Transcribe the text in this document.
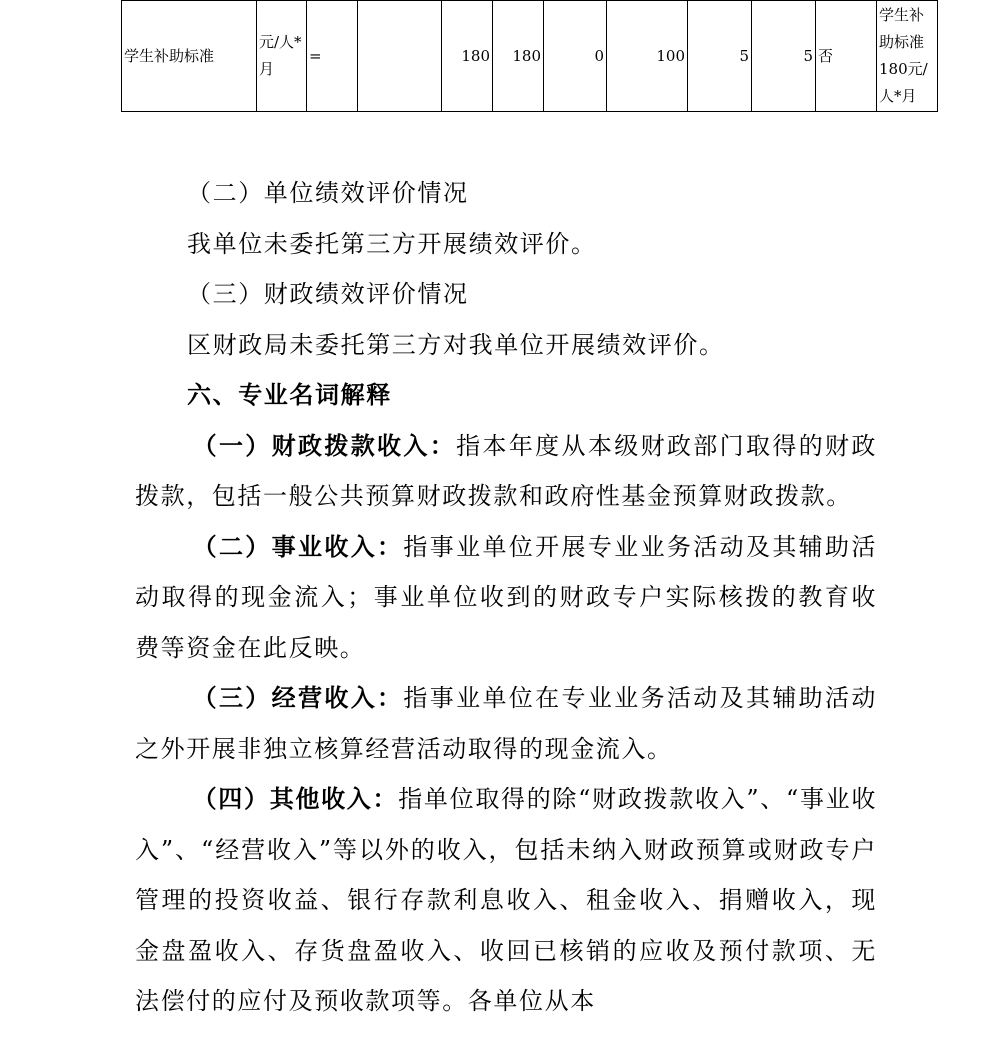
学生补助标准	元/人*月	=		180	180	0	100	5	5	否	学生补助标准180元/人*月

（二）单位绩效评价情况

我单位未委托第三方开展绩效评价。

（三）财政绩效评价情况

区财政局未委托第三方对我单位开展绩效评价。

六、专业名词解释

（一）财政拨款收入：指本年度从本级财政部门取得的财政拨款，包括一般公共预算财政拨款和政府性基金预算财政拨款。

（二）事业收入：指事业单位开展专业业务活动及其辅助活动取得的现金流入；事业单位收到的财政专户实际核拨的教育收费等资金在此反映。

（三）经营收入：指事业单位在专业业务活动及其辅助活动之外开展非独立核算经营活动取得的现金流入。

（四）其他收入：指单位取得的除“财政拨款收入”、“事业收入”、“经营收入”等以外的收入，包括未纳入财政预算或财政专户管理的投资收益、银行存款利息收入、租金收入、捐赠收入，现金盘盈收入、存货盘盈收入、收回已核销的应收及预付款项、无法偿付的应付及预收款项等。各单位从本
